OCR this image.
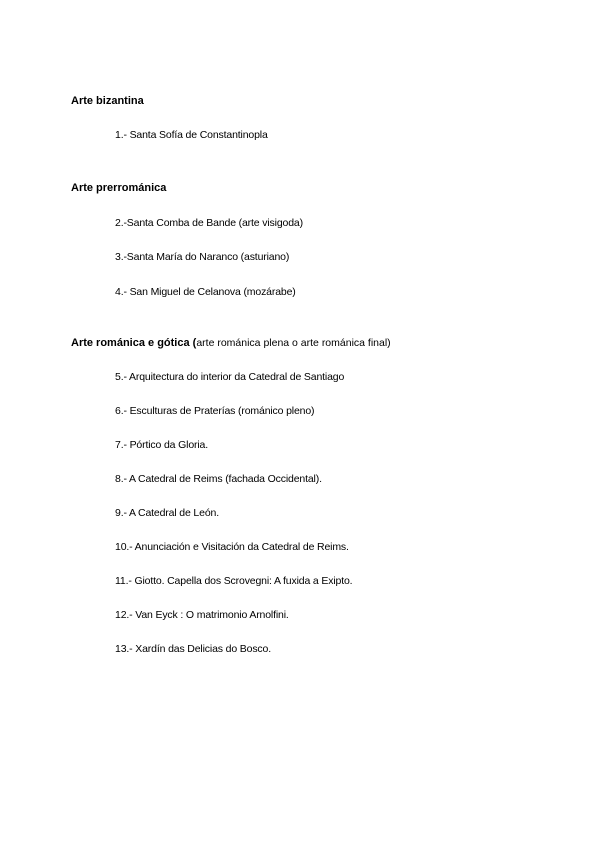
Arte bizantina
1.- Santa Sofía de Constantinopla
Arte prerrománica
2.-Santa Comba de Bande (arte visigoda)
3.-Santa María do Naranco (asturiano)
4.- San Miguel de Celanova (mozárabe)
Arte románica e gótica (arte románica plena o arte románica final)
5.- Arquitectura do interior da Catedral de Santiago
6.- Esculturas de Praterías (románico pleno)
7.- Pórtico da Gloria.
8.- A Catedral de Reims (fachada Occidental).
9.- A Catedral de León.
10.- Anunciación e Visitación da Catedral de Reims.
11.- Giotto. Capella dos Scrovegni: A fuxida a Exipto.
12.- Van Eyck : O matrimonio Arnolfini.
13.- Xardín das Delicias do Bosco.
